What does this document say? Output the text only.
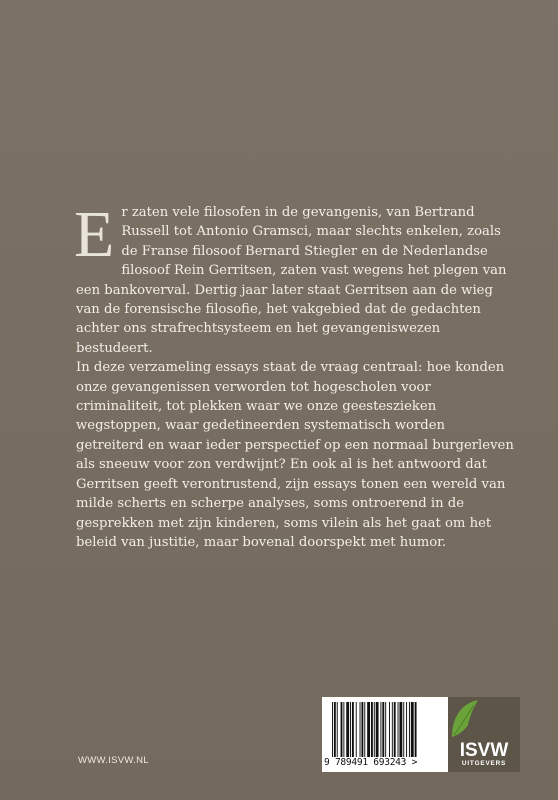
Er zaten vele filosofen in de gevangenis, van Bertrand Russell tot Antonio Gramsci, maar slechts enkelen, zoals de Franse filosoof Bernard Stiegler en de Nederlandse filosoof Rein Gerritsen, zaten vast wegens het plegen van een bankoverval. Dertig jaar later staat Gerritsen aan de wieg van de forensische filosofie, het vakgebied dat de gedachten achter ons strafrechtsysteem en het gevangeniswezen bestudeert.

In deze verzameling essays staat de vraag centraal: hoe konden onze gevangenissen verworden tot hogescholen voor criminaliteit, tot plekken waar we onze geesteszieken wegstoppen, waar gedetineerden systematisch worden getreiterd en waar ieder perspectief op een normaal burgerleven als sneeuw voor zon verdwijnt? En ook al is het antwoord dat Gerritsen geeft verontrustend, zijn essays tonen een wereld van milde scherts en scherpe analyses, soms ontroerend in de gesprekken met zijn kinderen, soms vilein als het gaat om het beleid van justitie, maar bovenal doorspekt met humor.

WWW.ISVW.NL	9 789491 693243 >
ISVW
UITGEVERS
